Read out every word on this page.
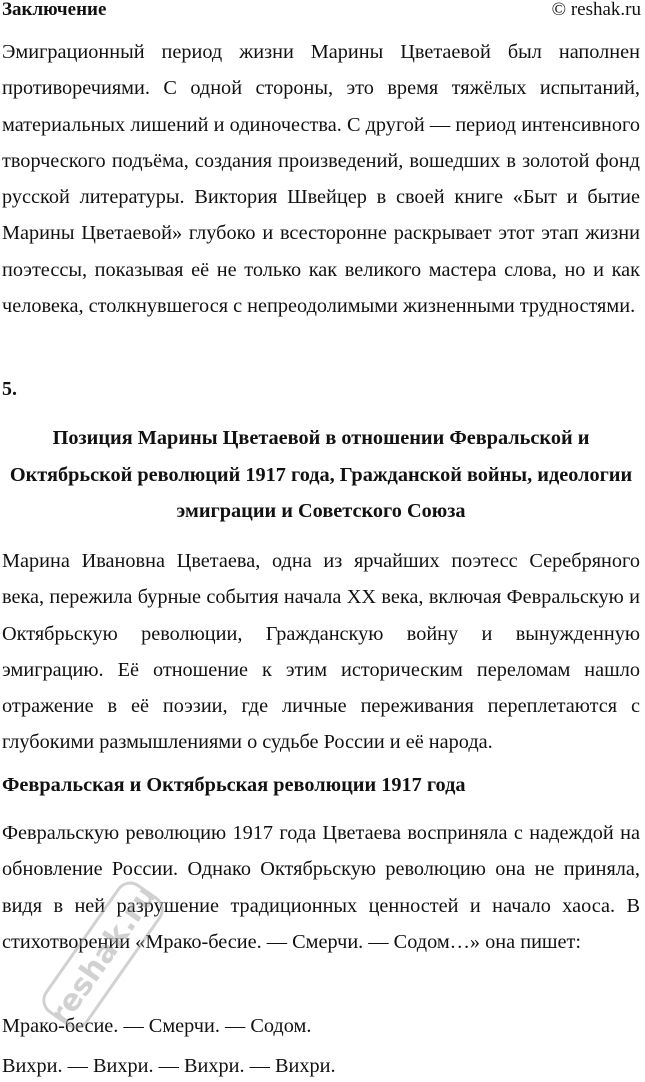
Заключение	© reshak.ru

Эмиграционный период жизни Марины Цветаевой был наполнен противоречиями. С одной стороны, это время тяжёлых испытаний, материальных лишений и одиночества. С другой — период интенсивного творческого подъёма, создания произведений, вошедших в золотой фонд русской литературы. Виктория Швейцер в своей книге «Быт и бытие Марины Цветаевой» глубоко и всесторонне раскрывает этот этап жизни поэтессы, показывая её не только как великого мастера слова, но и как человека, столкнувшегося с непреодолимыми жизненными трудностями.

5.
Позиция Марины Цветаевой в отношении Февральской и Октябрьской революций 1917 года, Гражданской войны, идеологии эмиграции и Советского Союза

Марина Ивановна Цветаева, одна из ярчайших поэтесс Серебряного века, пережила бурные события начала XX века, включая Февральскую и Октябрьскую революции, Гражданскую войну и вынужденную эмиграцию. Её отношение к этим историческим переломам нашло отражение в её поэзии, где личные переживания переплетаются с глубокими размышлениями о судьбе России и её народа.

Февральская и Октябрьская революции 1917 года

Февральскую революцию 1917 года Цветаева восприняла с надеждой на обновление России. Однако Октябрьскую революцию она не приняла, видя в ней разрушение традиционных ценностей и начало хаоса. В стихотворении «Мрако-бесие. — Смерчи. — Содом…» она пишет:

Мрако-бесие. — Смерчи. — Содом.

Вихри. — Вихри. — Вихри. — Вихри.

reshak.ru
